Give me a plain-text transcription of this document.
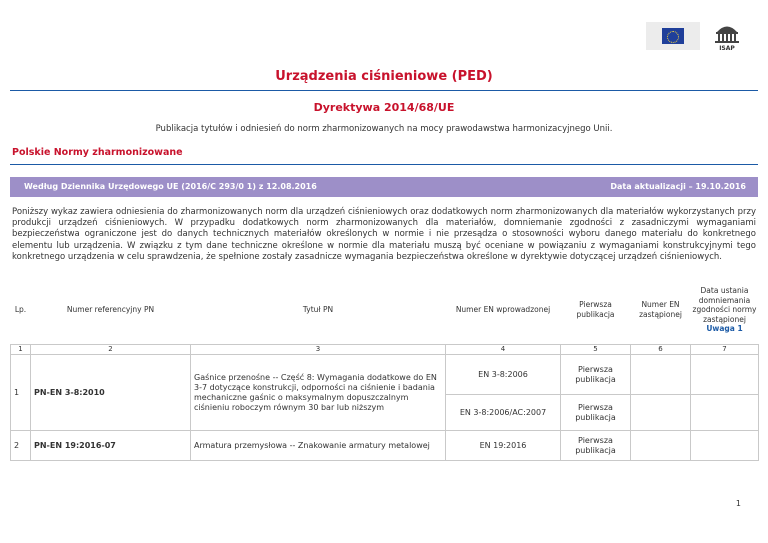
ISAP
Urządzenia ciśnieniowe (PED)
Dyrektywa 2014/68/UE
Publikacja tytułów i odniesień do norm zharmonizowanych na mocy prawodawstwa harmonizacyjnego Unii.
Polskie Normy zharmonizowane
Według Dziennika Urzędowego UE (2016/C 293/0 1) z 12.08.2016	Data aktualizacji – 19.10.2016
Poniższy wykaz zawiera odniesienia do zharmonizowanych norm dla urządzeń ciśnieniowych oraz dodatkowych norm zharmonizowanych dla materiałów wykorzystanych przy produkcji urządzeń ciśnieniowych. W przypadku dodatkowych norm zharmonizowanych dla materiałów, domniemanie zgodności z zasadniczymi wymaganiami bezpieczeństwa ograniczone jest do danych technicznych materiałów określonych w normie i nie przesądza o stosowności wyboru danego materiału do konkretnego elementu lub urządzenia. W związku z tym dane techniczne określone w normie dla materiału muszą być oceniane w powiązaniu z wymaganiami konstrukcyjnymi tego konkretnego urządzenia w celu sprawdzenia, że spełnione zostały zasadnicze wymagania bezpieczeństwa określone w dyrektywie dotyczącej urządzeń ciśnieniowych.
Lp.	Numer referencyjny PN	Tytuł PN	Numer EN wprowadzonej	Pierwsza publikacja	Numer EN zastąpionej	Data ustania domniemania zgodności normy zastąpionej
Uwaga 1
1	2	3	4	5	6	7
1	PN-EN 3-8:2010	Gaśnice przenośne -- Część 8: Wymagania dodatkowe do EN 3-7 dotyczące konstrukcji, odporności na ciśnienie i badania mechaniczne gaśnic o maksymalnym dopuszczalnym ciśnieniu roboczym równym 30 bar lub niższym	EN 3-8:2006	Pierwsza publikacja		
			EN 3-8:2006/AC:2007	Pierwsza publikacja		
2	PN-EN 19:2016-07	Armatura przemysłowa -- Znakowanie armatury metalowej	EN 19:2016	Pierwsza publikacja		
1
